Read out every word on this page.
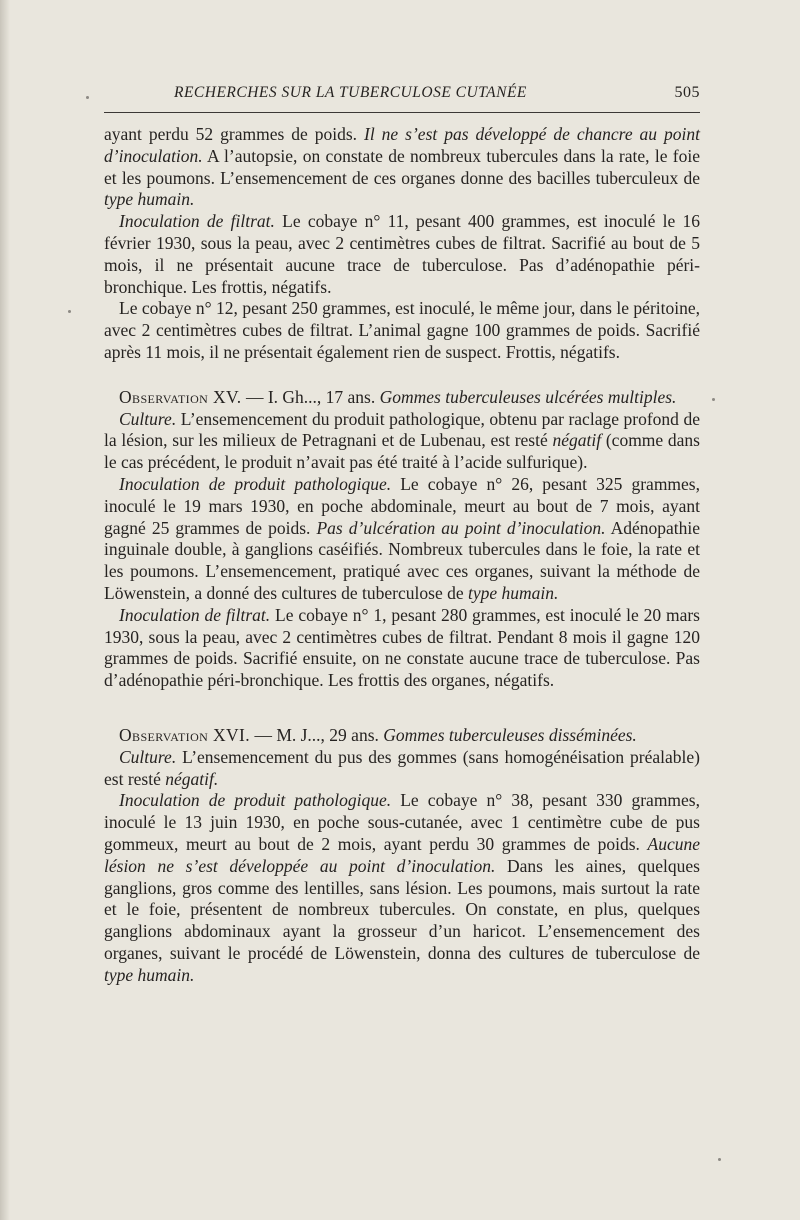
RECHERCHES SUR LA TUBERCULOSE CUTANÉE	505

ayant perdu 52 grammes de poids. Il ne s’est pas développé de chancre au point d’inoculation. A l’autopsie, on constate de nombreux tubercules dans la rate, le foie et les poumons. L’ensemencement de ces organes donne des bacilles tuberculeux de type humain.

Inoculation de filtrat. Le cobaye n° 11, pesant 400 grammes, est inoculé le 16 février 1930, sous la peau, avec 2 centimètres cubes de filtrat. Sacrifié au bout de 5 mois, il ne présentait aucune trace de tuberculose. Pas d’adénopathie péri-bronchique. Les frottis, négatifs.

Le cobaye n° 12, pesant 250 grammes, est inoculé, le même jour, dans le péritoine, avec 2 centimètres cubes de filtrat. L’animal gagne 100 grammes de poids. Sacrifié après 11 mois, il ne présentait également rien de suspect. Frottis, négatifs.

Observation XV. — I. Gh..., 17 ans. Gommes tuberculeuses ulcérées multiples.

Culture. L’ensemencement du produit pathologique, obtenu par raclage profond de la lésion, sur les milieux de Petragnani et de Lubenau, est resté négatif (comme dans le cas précédent, le produit n’avait pas été traité à l’acide sulfurique).

Inoculation de produit pathologique. Le cobaye n° 26, pesant 325 grammes, inoculé le 19 mars 1930, en poche abdominale, meurt au bout de 7 mois, ayant gagné 25 grammes de poids. Pas d’ulcération au point d’inoculation. Adénopathie inguinale double, à ganglions caséifiés. Nombreux tubercules dans le foie, la rate et les poumons. L’ensemencement, pratiqué avec ces organes, suivant la méthode de Löwenstein, a donné des cultures de tuberculose de type humain.

Inoculation de filtrat. Le cobaye n° 1, pesant 280 grammes, est inoculé le 20 mars 1930, sous la peau, avec 2 centimètres cubes de filtrat. Pendant 8 mois il gagne 120 grammes de poids. Sacrifié ensuite, on ne constate aucune trace de tuberculose. Pas d’adénopathie péri-bronchique. Les frottis des organes, négatifs.

Observation XVI. — M. J..., 29 ans. Gommes tuberculeuses disséminées.

Culture. L’ensemencement du pus des gommes (sans homogénéisation préalable) est resté négatif.

Inoculation de produit pathologique. Le cobaye n° 38, pesant 330 grammes, inoculé le 13 juin 1930, en poche sous-cutanée, avec 1 centimètre cube de pus gommeux, meurt au bout de 2 mois, ayant perdu 30 grammes de poids. Aucune lésion ne s’est développée au point d’inoculation. Dans les aines, quelques ganglions, gros comme des lentilles, sans lésion. Les poumons, mais surtout la rate et le foie, présentent de nombreux tubercules. On constate, en plus, quelques ganglions abdominaux ayant la grosseur d’un haricot. L’ensemencement des organes, suivant le procédé de Löwenstein, donna des cultures de tuberculose de type humain.
